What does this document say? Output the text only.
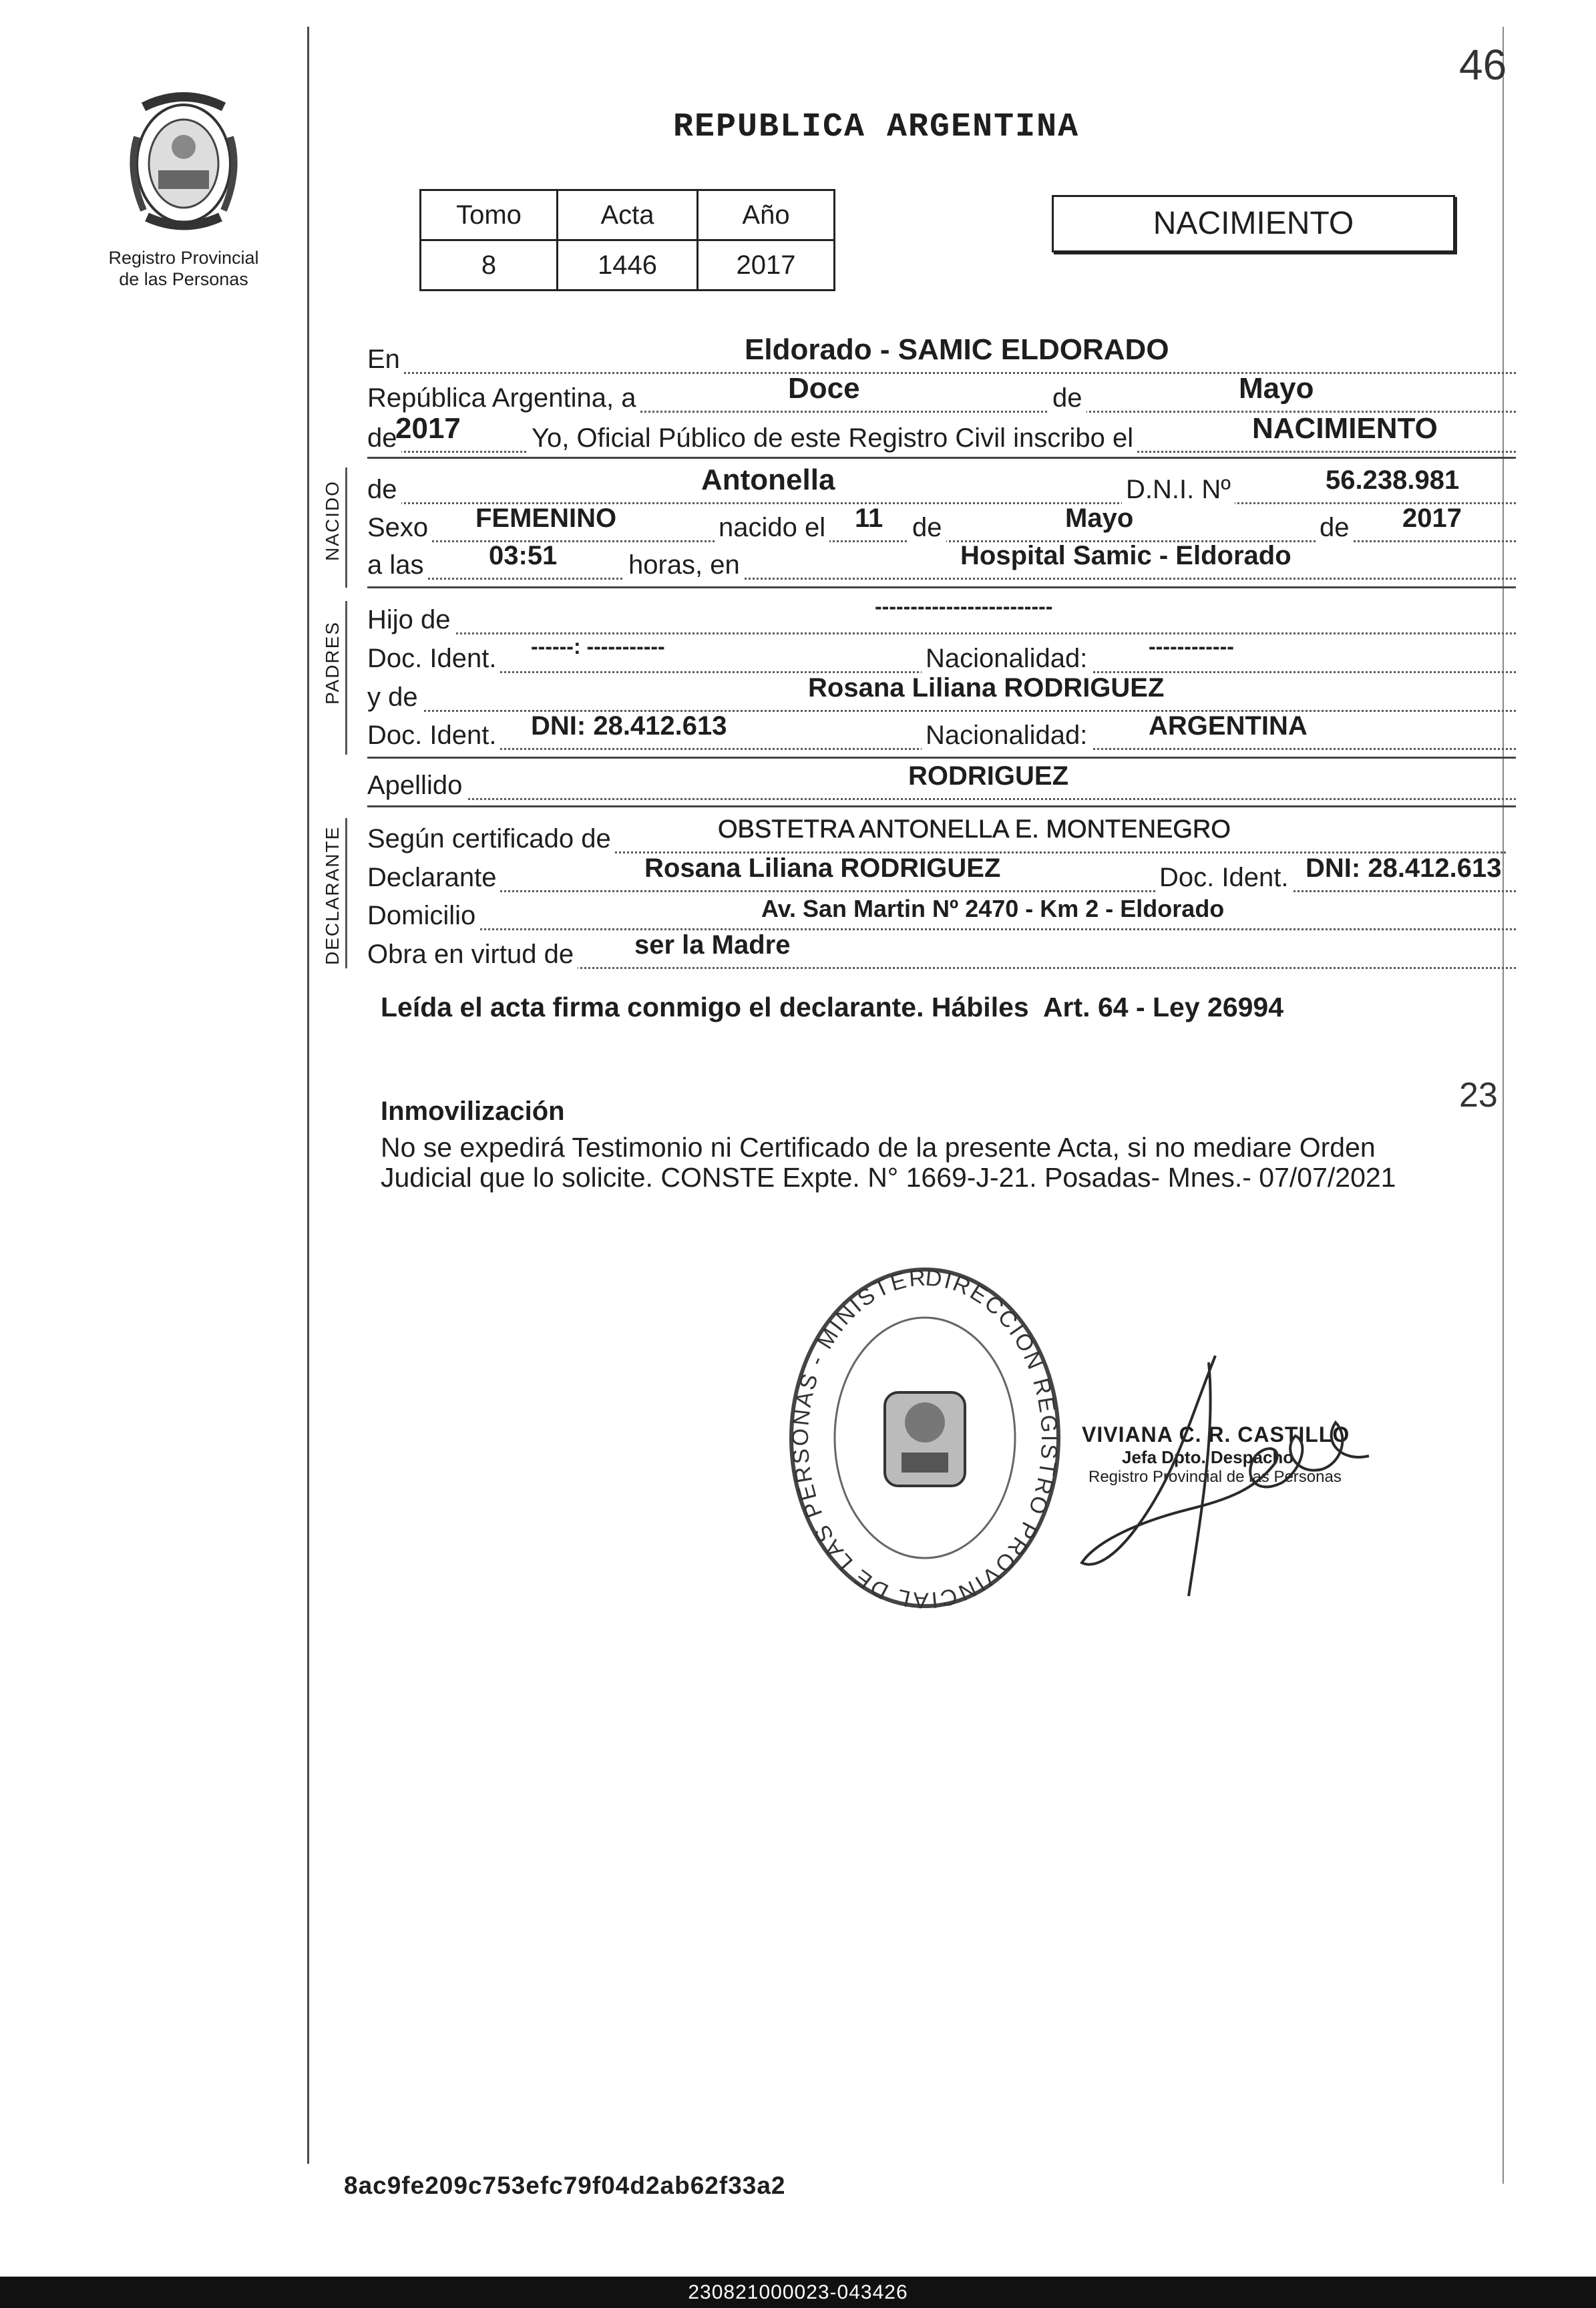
46
Registro Provincial
de las Personas
REPUBLICA ARGENTINA
Tomo	Acta	Año
8	1446	2017
NACIMIENTO
En	Eldorado - SAMIC ELDORADO
República Argentina, a	Doce	de	Mayo
de
2017	Yo, Oficial Público de este Registro Civil inscribo el	NACIMIENTO
NACIDO de	Antonella	D.N.I. Nº	56.238.981
Sexo FEMENINO	nacido el 11 de	Mayo	de 2017
a las 03:51	horas, en	Hospital Samic - Eldorado
PADRES
Hijo de	-------------------------
Doc. Ident. ------: -----------	Nacionalidad:	------------
y de	Rosana Liliana RODRIGUEZ
Doc. Ident. DNI: 28.412.613	Nacionalidad: ARGENTINA
Apellido	RODRIGUEZ
DECLARANTE Según certificado de	OBSTETRA ANTONELLA E. MONTENEGRO
Declarante	Rosana Liliana RODRIGUEZ	Doc. Ident. DNI: 28.412.613
Domicilio	Av. San Martin Nº 2470 - Km 2 - Eldorado
Obra en virtud de ser la Madre
Leída el acta firma conmigo el declarante. Hábiles  Art. 64 - Ley 26994
23
Inmovilización
No se expedirá Testimonio ni Certificado de la presente Acta, si no mediare Orden
Judicial que lo solicite. CONSTE Expte. N° 1669-J-21. Posadas- Mnes.- 07/07/2021
DIRECCION REGISTRO PROVINCIAL DE LAS PERSONAS - MINISTER
VIVIANA C. R. CASTILLO
Jefa Dpto. Despacho
Registro Provincial de las Personas
8ac9fe209c753efc79f04d2ab62f33a2
230821000023-043426
